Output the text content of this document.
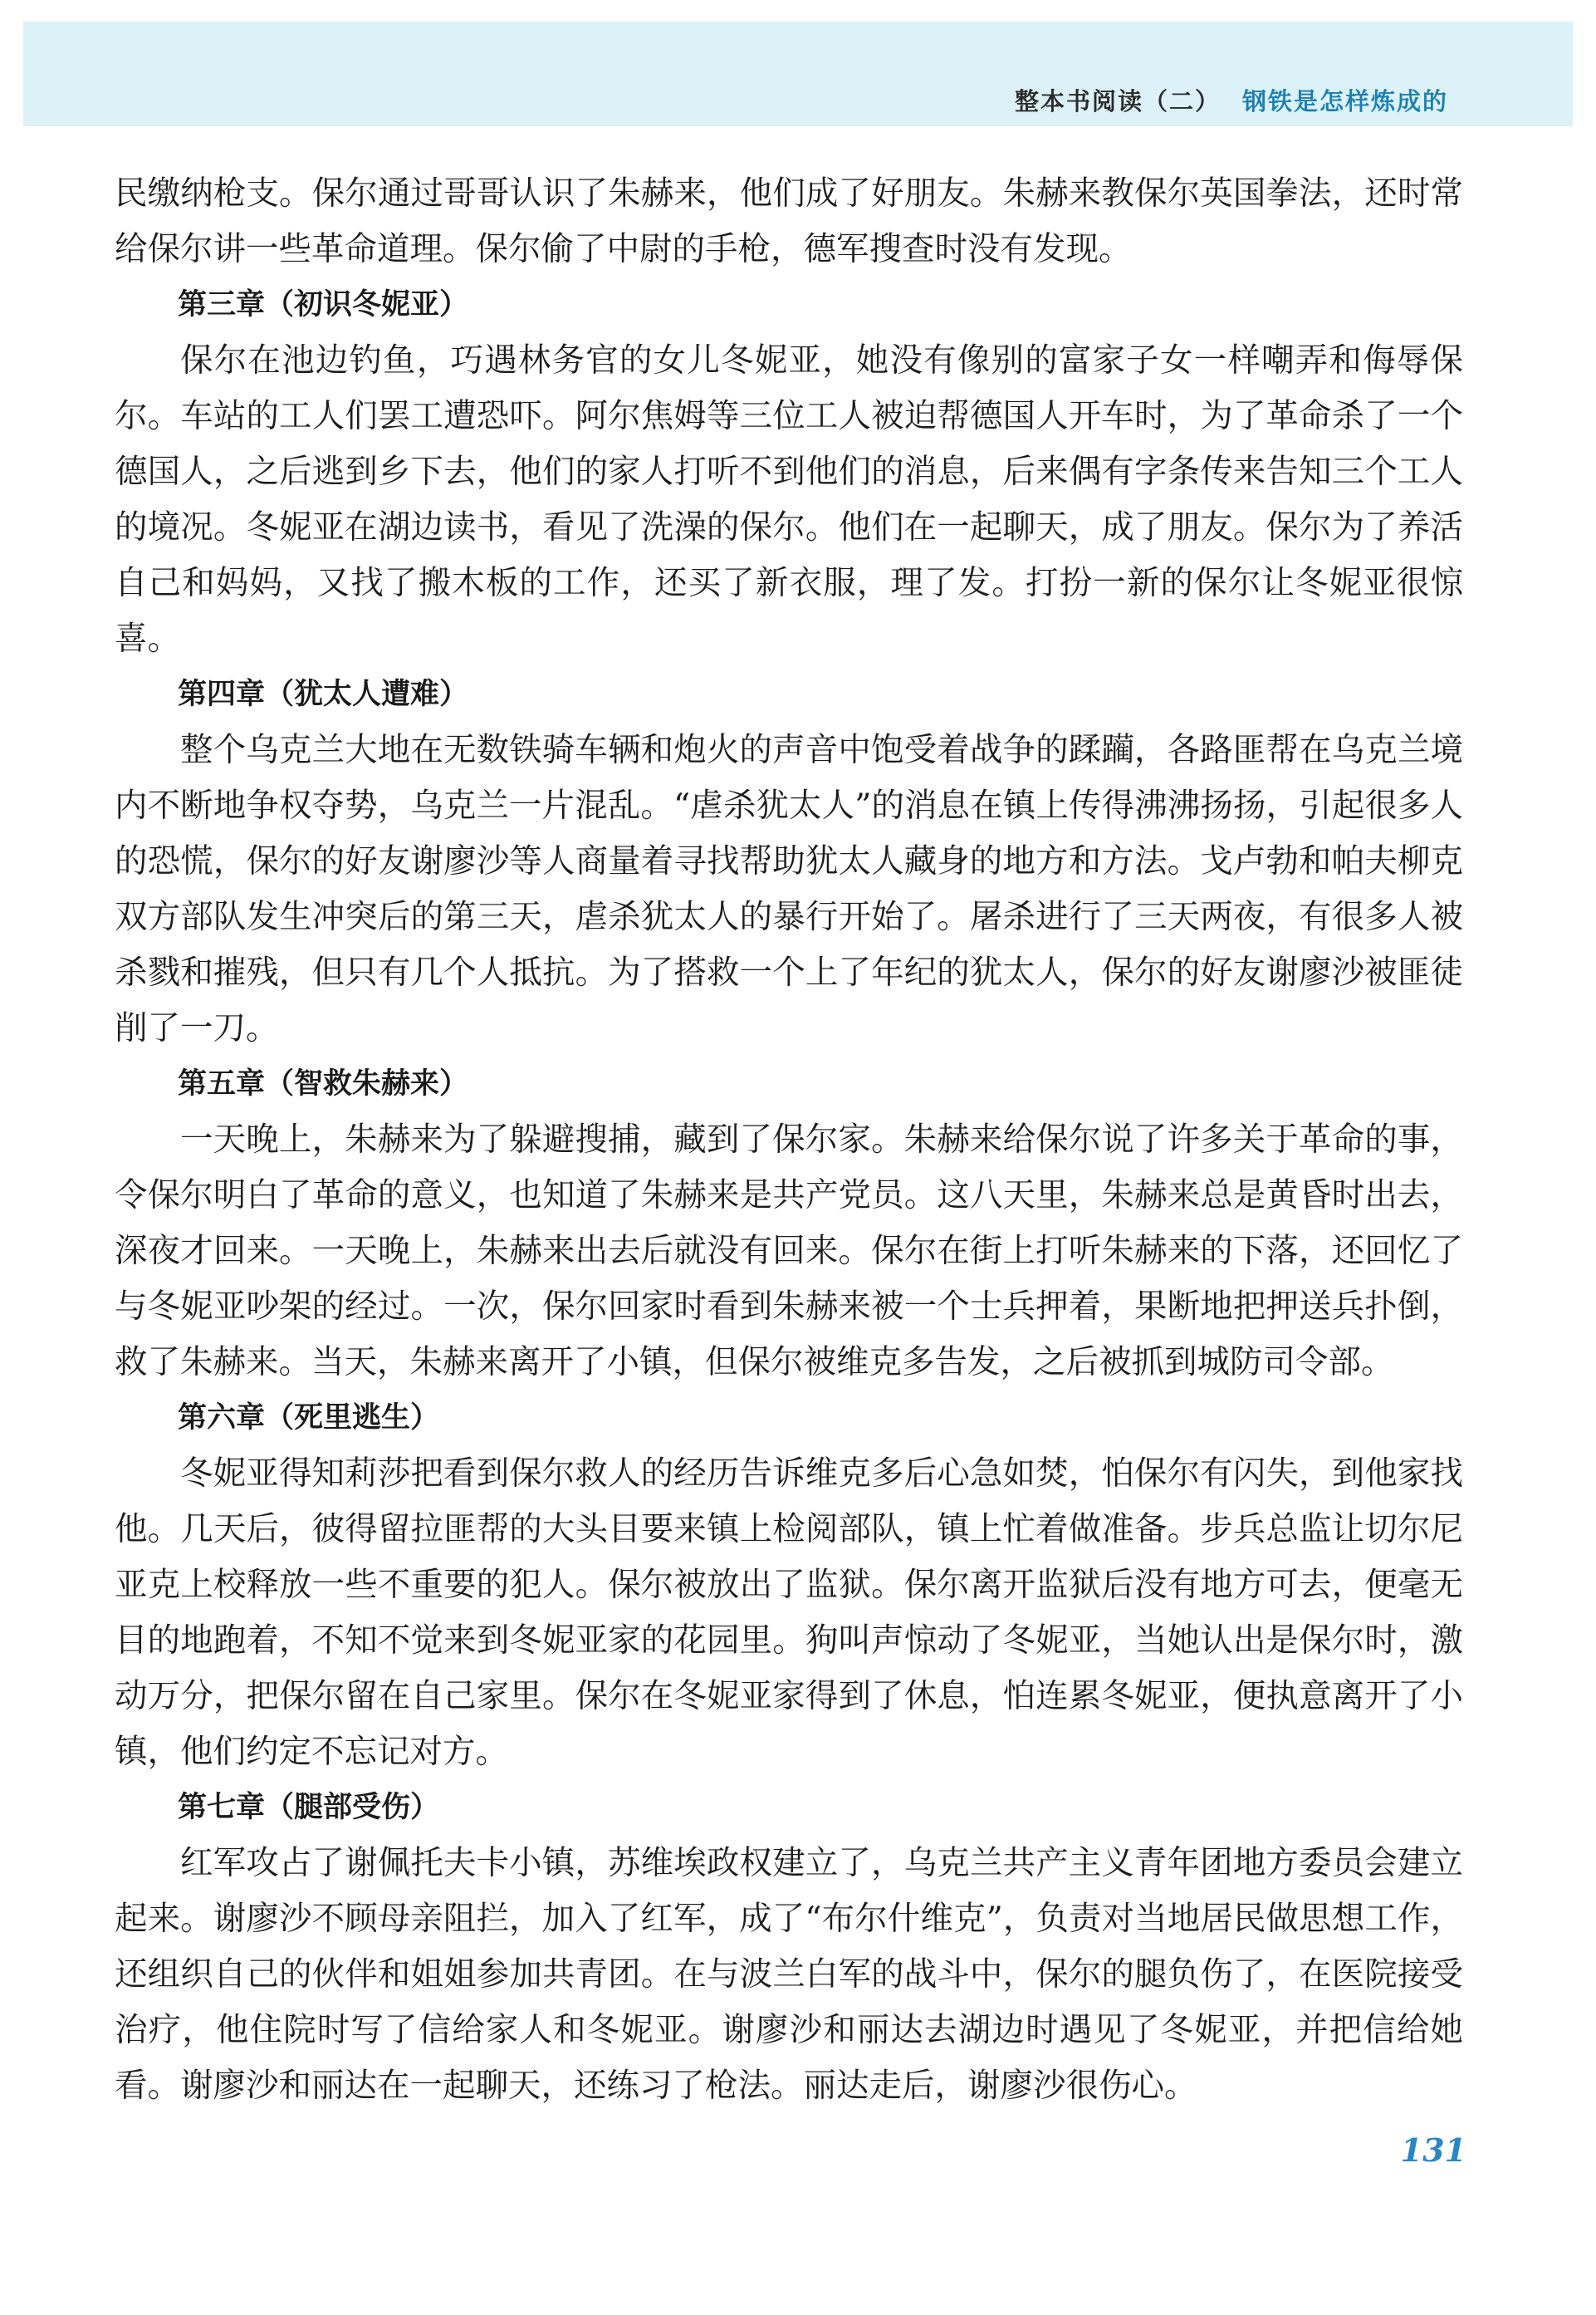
整本书阅读（二） 钢铁是怎样炼成的

民缴纳枪支。保尔通过哥哥认识了朱赫来，他们成了好朋友。朱赫来教保尔英国拳法，还时常给保尔讲一些革命道理。保尔偷了中尉的手枪，德军搜查时没有发现。

第三章（初识冬妮亚）

保尔在池边钓鱼，巧遇林务官的女儿冬妮亚，她没有像别的富家子女一样嘲弄和侮辱保尔。车站的工人们罢工遭恐吓。阿尔焦姆等三位工人被迫帮德国人开车时，为了革命杀了一个德国人，之后逃到乡下去，他们的家人打听不到他们的消息，后来偶有字条传来告知三个工人的境况。冬妮亚在湖边读书，看见了洗澡的保尔。他们在一起聊天，成了朋友。保尔为了养活自己和妈妈，又找了搬木板的工作，还买了新衣服，理了发。打扮一新的保尔让冬妮亚很惊喜。

第四章（犹太人遭难）

整个乌克兰大地在无数铁骑车辆和炮火的声音中饱受着战争的蹂躏，各路匪帮在乌克兰境内不断地争权夺势，乌克兰一片混乱。“虐杀犹太人”的消息在镇上传得沸沸扬扬，引起很多人的恐慌，保尔的好友谢廖沙等人商量着寻找帮助犹太人藏身的地方和方法。戈卢勃和帕夫柳克双方部队发生冲突后的第三天，虐杀犹太人的暴行开始了。屠杀进行了三天两夜，有很多人被杀戮和摧残，但只有几个人抵抗。为了搭救一个上了年纪的犹太人，保尔的好友谢廖沙被匪徒削了一刀。

第五章（智救朱赫来）

一天晚上，朱赫来为了躲避搜捕，藏到了保尔家。朱赫来给保尔说了许多关于革命的事，令保尔明白了革命的意义，也知道了朱赫来是共产党员。这八天里，朱赫来总是黄昏时出去，深夜才回来。一天晚上，朱赫来出去后就没有回来。保尔在街上打听朱赫来的下落，还回忆了与冬妮亚吵架的经过。一次，保尔回家时看到朱赫来被一个士兵押着，果断地把押送兵扑倒，救了朱赫来。当天，朱赫来离开了小镇，但保尔被维克多告发，之后被抓到城防司令部。

第六章（死里逃生）

冬妮亚得知莉莎把看到保尔救人的经历告诉维克多后心急如焚，怕保尔有闪失，到他家找他。几天后，彼得留拉匪帮的大头目要来镇上检阅部队，镇上忙着做准备。步兵总监让切尔尼亚克上校释放一些不重要的犯人。保尔被放出了监狱。保尔离开监狱后没有地方可去，便毫无目的地跑着，不知不觉来到冬妮亚家的花园里。狗叫声惊动了冬妮亚，当她认出是保尔时，激动万分，把保尔留在自己家里。保尔在冬妮亚家得到了休息，怕连累冬妮亚，便执意离开了小镇，他们约定不忘记对方。

第七章（腿部受伤）

红军攻占了谢佩托夫卡小镇，苏维埃政权建立了，乌克兰共产主义青年团地方委员会建立起来。谢廖沙不顾母亲阻拦，加入了红军，成了“布尔什维克”，负责对当地居民做思想工作，还组织自己的伙伴和姐姐参加共青团。在与波兰白军的战斗中，保尔的腿负伤了，在医院接受治疗，他住院时写了信给家人和冬妮亚。谢廖沙和丽达去湖边时遇见了冬妮亚，并把信给她看。谢廖沙和丽达在一起聊天，还练习了枪法。丽达走后，谢廖沙很伤心。

131
